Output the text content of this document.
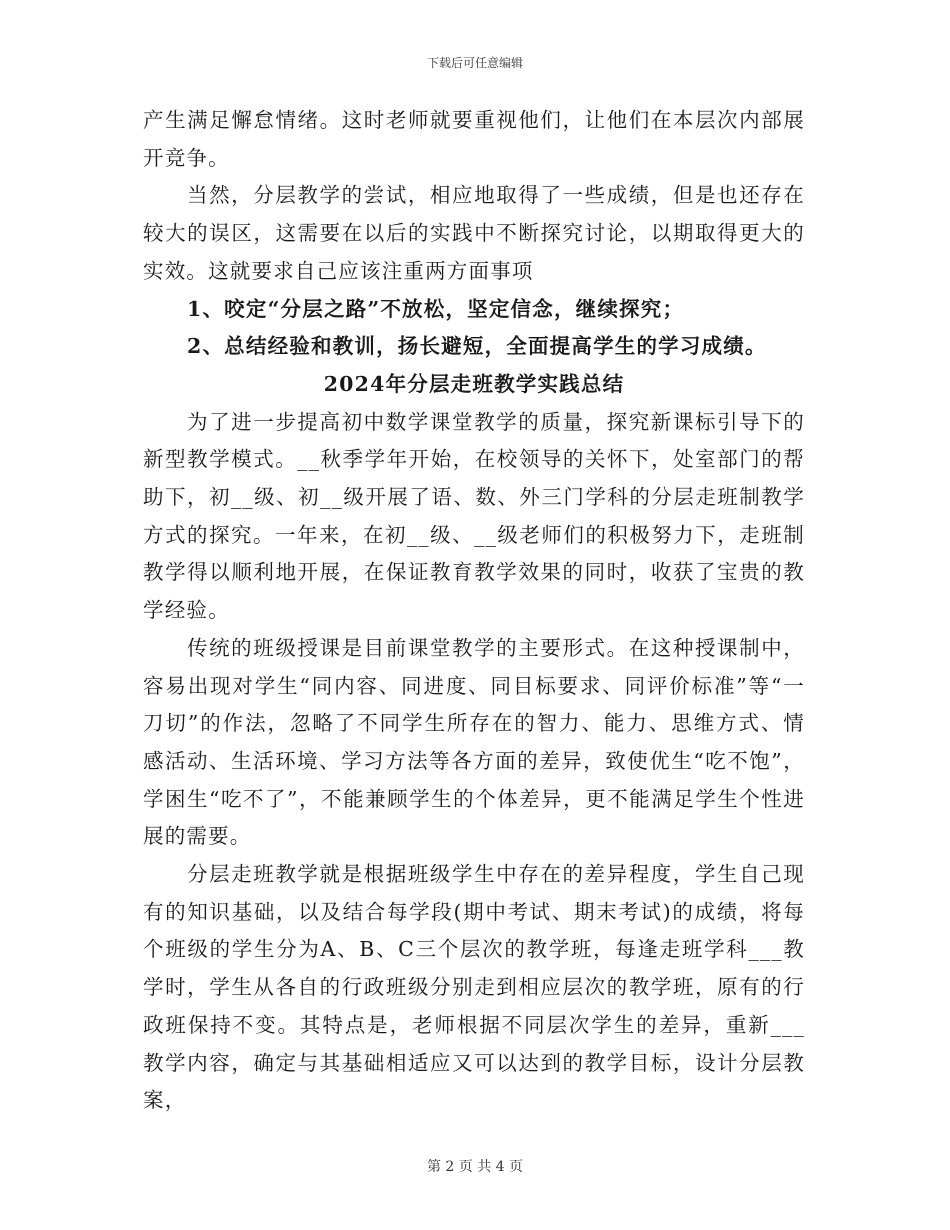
下载后可任意编辑

产生满足懈怠情绪。这时老师就要重视他们，让他们在本层次内部展开竞争。

当然，分层教学的尝试，相应地取得了一些成绩，但是也还存在较大的误区，这需要在以后的实践中不断探究讨论，以期取得更大的实效。这就要求自己应该注重两方面事项

1、咬定“分层之路”不放松，坚定信念，继续探究；

2、总结经验和教训，扬长避短，全面提高学生的学习成绩。

2024年分层走班教学实践总结

为了进一步提高初中数学课堂教学的质量，探究新课标引导下的新型教学模式。__秋季学年开始，在校领导的关怀下，处室部门的帮助下，初__级、初__级开展了语、数、外三门学科的分层走班制教学方式的探究。一年来，在初__级、__级老师们的积极努力下，走班制教学得以顺利地开展，在保证教育教学效果的同时，收获了宝贵的教学经验。

传统的班级授课是目前课堂教学的主要形式。在这种授课制中，容易出现对学生“同内容、同进度、同目标要求、同评价标准”等“一刀切”的作法，忽略了不同学生所存在的智力、能力、思维方式、情感活动、生活环境、学习方法等各方面的差异，致使优生“吃不饱”，学困生“吃不了”，不能兼顾学生的个体差异，更不能满足学生个性进展的需要。

分层走班教学就是根据班级学生中存在的差异程度，学生自己现有的知识基础，以及结合每学段(期中考试、期末考试)的成绩，将每个班级的学生分为A、B、C三个层次的教学班，每逢走班学科___教学时，学生从各自的行政班级分别走到相应层次的教学班，原有的行政班保持不变。其特点是，老师根据不同层次学生的差异，重新___教学内容，确定与其基础相适应又可以达到的教学目标，设计分层教案，

第 2 页 共 4 页
